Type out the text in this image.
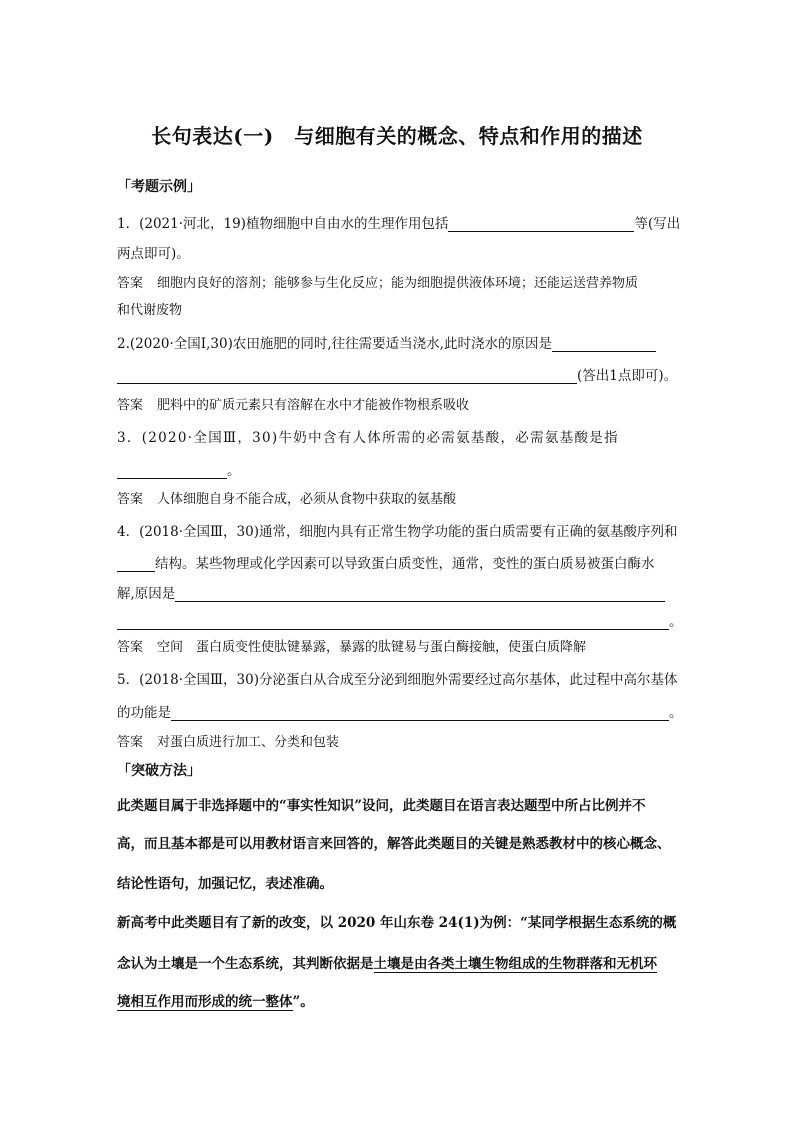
长句表达(一)　与细胞有关的概念、特点和作用的描述
「考题示例」
1．(2021·河北，19)植物细胞中自由水的生理作用包括	等(写出
两点即可)。
答案 细胞内良好的溶剂；能够参与生化反应；能为细胞提供液体环境；还能运送营养物质
和代谢废物
2.(2020·全国Ⅰ,30)农田施肥的同时,往往需要适当浇水,此时浇水的原因是
(答出1点即可)。
答案 肥料中的矿质元素只有溶解在水中才能被作物根系吸收
3．(2020·全国Ⅲ，30)牛奶中含有人体所需的必需氨基酸，必需氨基酸是指
。
答案 人体细胞自身不能合成，必须从食物中获取的氨基酸
4．(2018·全国Ⅲ，30)通常，细胞内具有正常生物学功能的蛋白质需要有正确的氨基酸序列和
结构。某些物理或化学因素可以导致蛋白质变性，通常，变性的蛋白质易被蛋白酶水
解,原因是
。
答案 空间　蛋白质变性使肽键暴露，暴露的肽键易与蛋白酶接触，使蛋白质降解
5．(2018·全国Ⅲ，30)分泌蛋白从合成至分泌到细胞外需要经过高尔基体，此过程中高尔基体
的功能是	。
答案 对蛋白质进行加工、分类和包装
「突破方法」
此类题目属于非选择题中的“事实性知识”设问，此类题目在语言表达题型中所占比例并不
高，而且基本都是可以用教材语言来回答的，解答此类题目的关键是熟悉教材中的核心概念、
结论性语句，加强记忆，表述准确。
新高考中此类题目有了新的改变，以 2020 年山东卷 24(1)为例：“某同学根据生态系统的概
念认为土壤是一个生态系统，其判断依据是土壤是由各类土壤生物组成的生物群落和无机环
境相互作用而形成的统一整体”。
